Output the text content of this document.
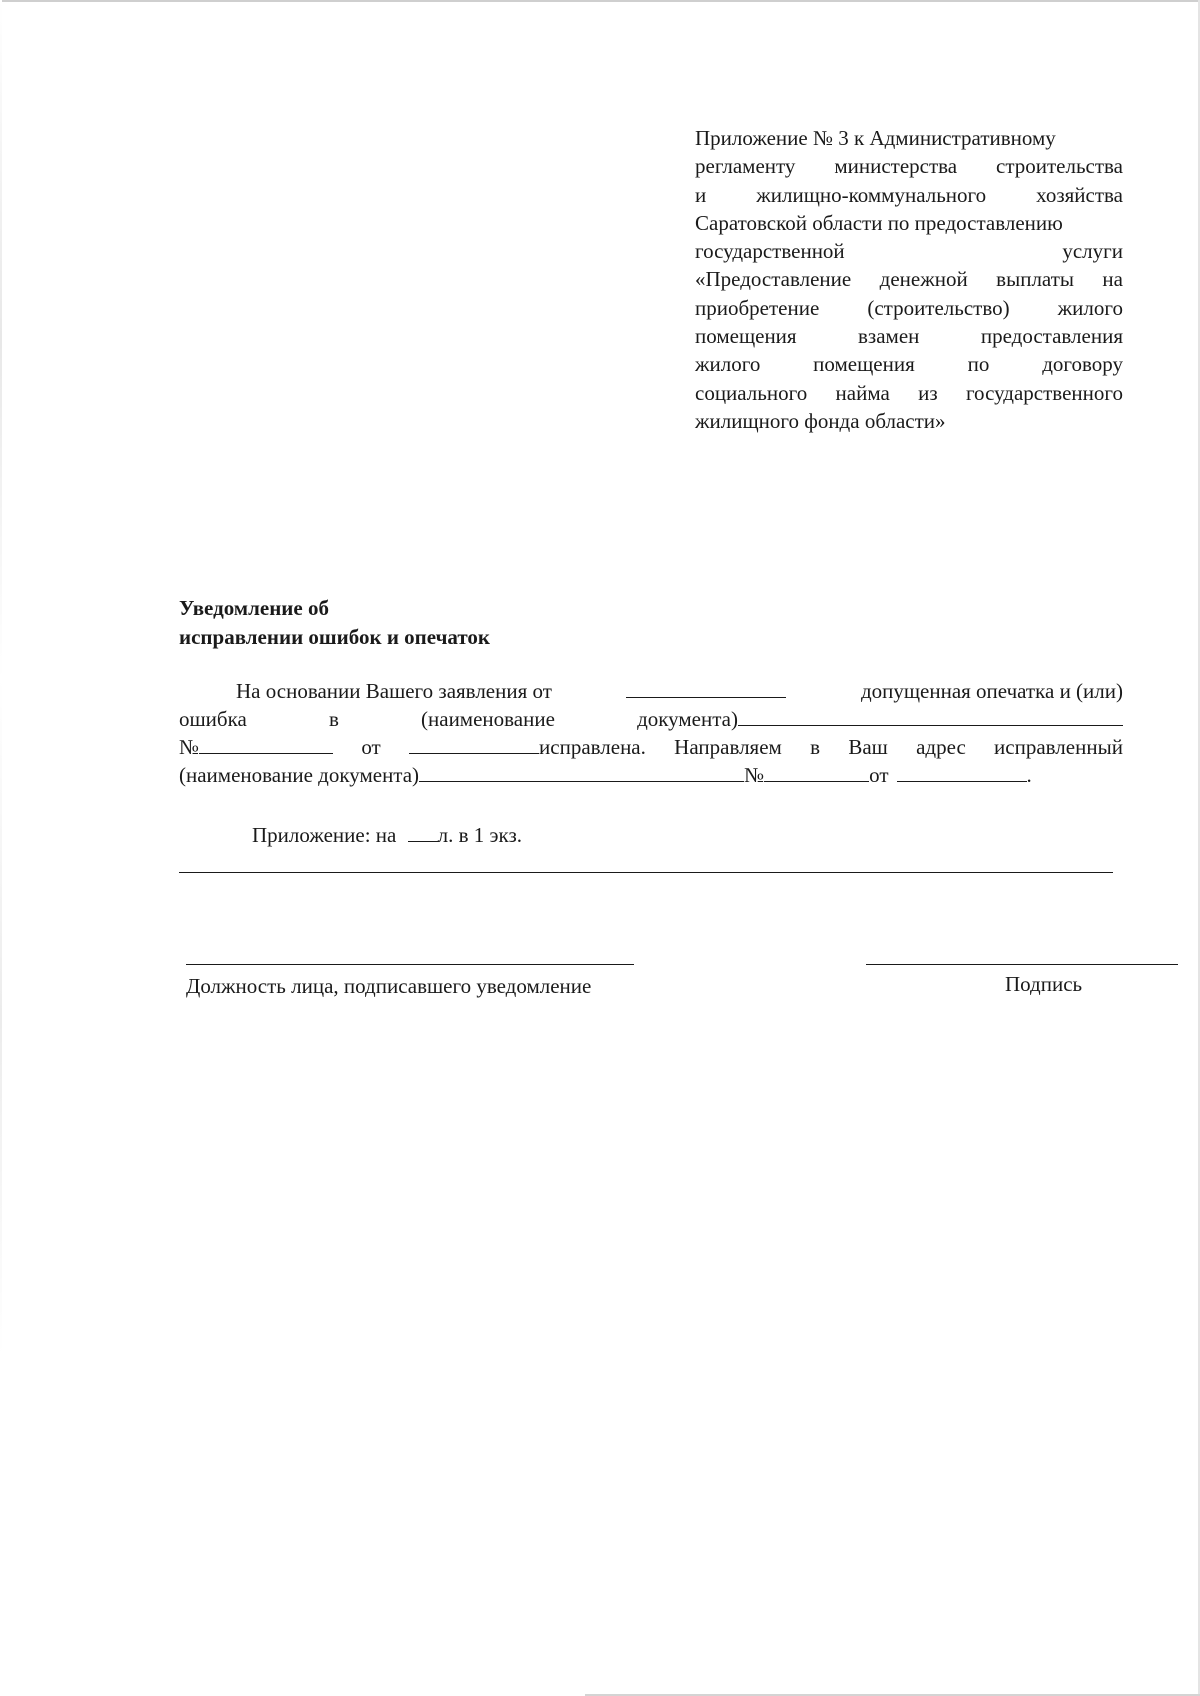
Приложение № 3 к Административному

регламенту министерства строительства

и жилищно-коммунального хозяйства

Саратовской области по предоставлению

государственной услуги

«Предоставление денежной выплаты на

приобретение (строительство) жилого

помещения взамен предоставления

жилого помещения по договору

социального найма из государственного

жилищного фонда области»

Уведомление об
исправлении ошибок и опечаток
На основании Вашего заявления от	допущенная опечатка и (или)
ошибка	в	(наименование	документа)
№	от	исправлена. Направляем в Ваш адрес исправленный
(наименование документа)	№	от	.
Приложение: на л. в 1 экз.
Должность лица, подписавшего уведомление	Подпись
